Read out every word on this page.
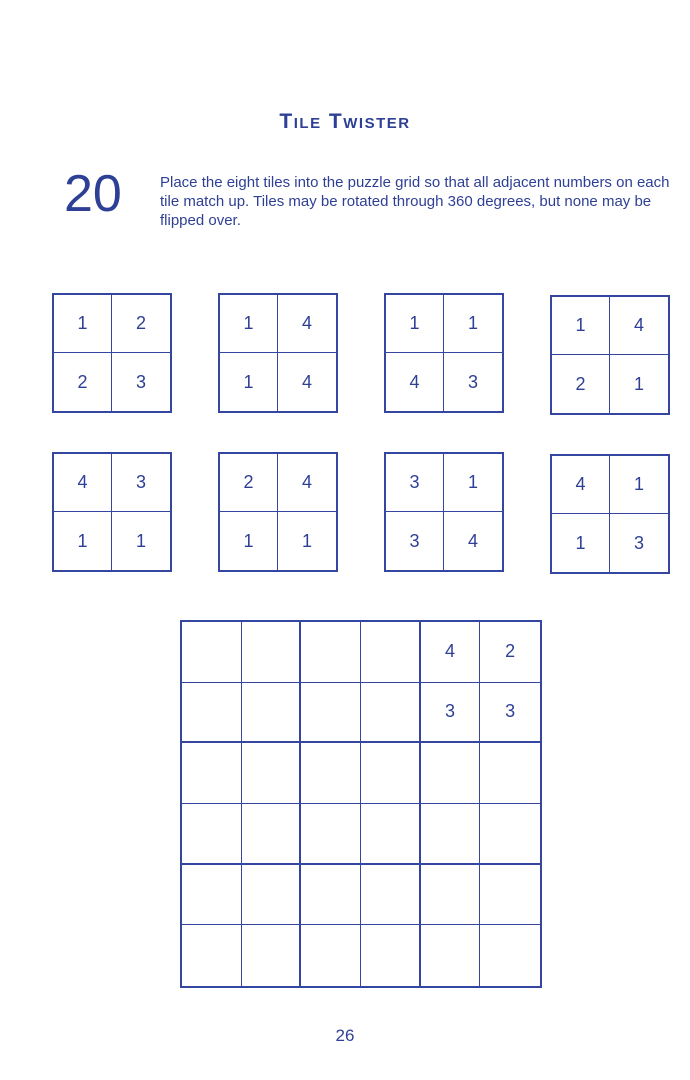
Tile Twister
20	Place the eight tiles into the puzzle grid so that all adjacent numbers on each tile match up. Tiles may be rotated through 360 degrees, but none may be flipped over.
1	2
2	3
1	4
1	4
1	1
4	3
1	4
2	1
4	3
1	1
2	4
1	1
3	1
3	4
4	1
1	3
4	2
3	3
26
